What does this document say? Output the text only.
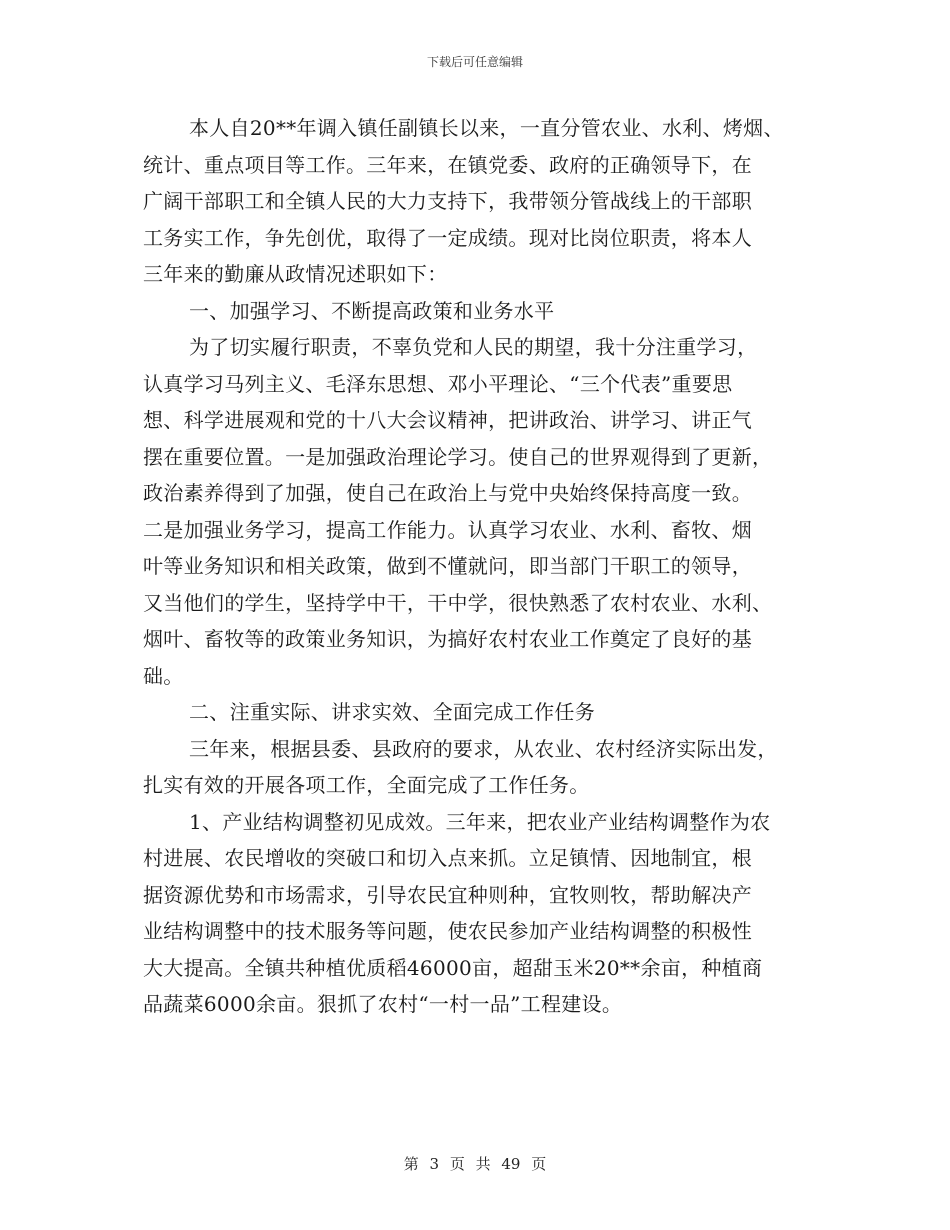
下载后可任意编辑
本人自20**年调入镇任副镇长以来，一直分管农业、水利、烤烟、
统计、重点项目等工作。三年来，在镇党委、政府的正确领导下，在
广阔干部职工和全镇人民的大力支持下，我带领分管战线上的干部职
工务实工作，争先创优，取得了一定成绩。现对比岗位职责，将本人
三年来的勤廉从政情况述职如下：
一、加强学习、不断提高政策和业务水平
为了切实履行职责，不辜负党和人民的期望，我十分注重学习，
认真学习马列主义、毛泽东思想、邓小平理论、“三个代表”重要思
想、科学进展观和党的十八大会议精神，把讲政治、讲学习、讲正气
摆在重要位置。一是加强政治理论学习。使自己的世界观得到了更新，
政治素养得到了加强，使自己在政治上与党中央始终保持高度一致。
二是加强业务学习，提高工作能力。认真学习农业、水利、畜牧、烟
叶等业务知识和相关政策，做到不懂就问，即当部门干职工的领导，
又当他们的学生，坚持学中干，干中学，很快熟悉了农村农业、水利、
烟叶、畜牧等的政策业务知识，为搞好农村农业工作奠定了良好的基
础。
二、注重实际、讲求实效、全面完成工作任务
三年来，根据县委、县政府的要求，从农业、农村经济实际出发，
扎实有效的开展各项工作，全面完成了工作任务。
1、产业结构调整初见成效。三年来，把农业产业结构调整作为农
村进展、农民增收的突破口和切入点来抓。立足镇情、因地制宜，根
据资源优势和市场需求，引导农民宜种则种，宜牧则牧，帮助解决产
业结构调整中的技术服务等问题，使农民参加产业结构调整的积极性
大大提高。全镇共种植优质稻46000亩，超甜玉米20**余亩，种植商
品蔬菜6000余亩。狠抓了农村“一村一品”工程建设。
第 3 页 共 49 页
